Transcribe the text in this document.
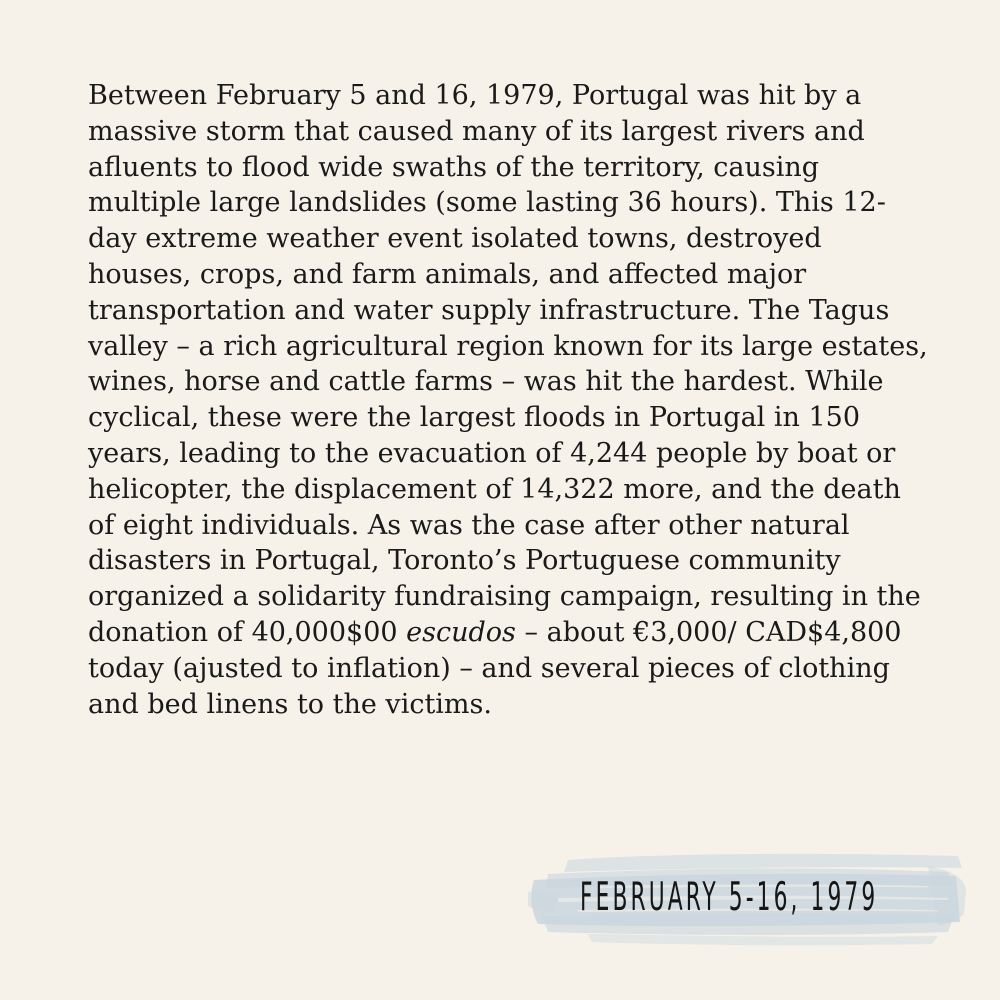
Between February 5 and 16, 1979, Portugal was hit by a massive storm that caused many of its largest rivers and afluents to flood wide swaths of the territory, causing multiple large landslides (some lasting 36 hours). This 12-day extreme weather event isolated towns, destroyed houses, crops, and farm animals, and affected major transportation and water supply infrastructure. The Tagus valley – a rich agricultural region known for its large estates, wines, horse and cattle farms – was hit the hardest. While cyclical, these were the largest floods in Portugal in 150 years, leading to the evacuation of 4,244 people by boat or helicopter, the displacement of 14,322 more, and the death of eight individuals. As was the case after other natural disasters in Portugal, Toronto’s Portuguese community organized a solidarity fundraising campaign, resulting in the donation of 40,000$00 escudos – about €3,000/ CAD$4,800 today (ajusted to inflation) – and several pieces of clothing and bed linens to the victims.

FEBRUARY 5-16, 1979
